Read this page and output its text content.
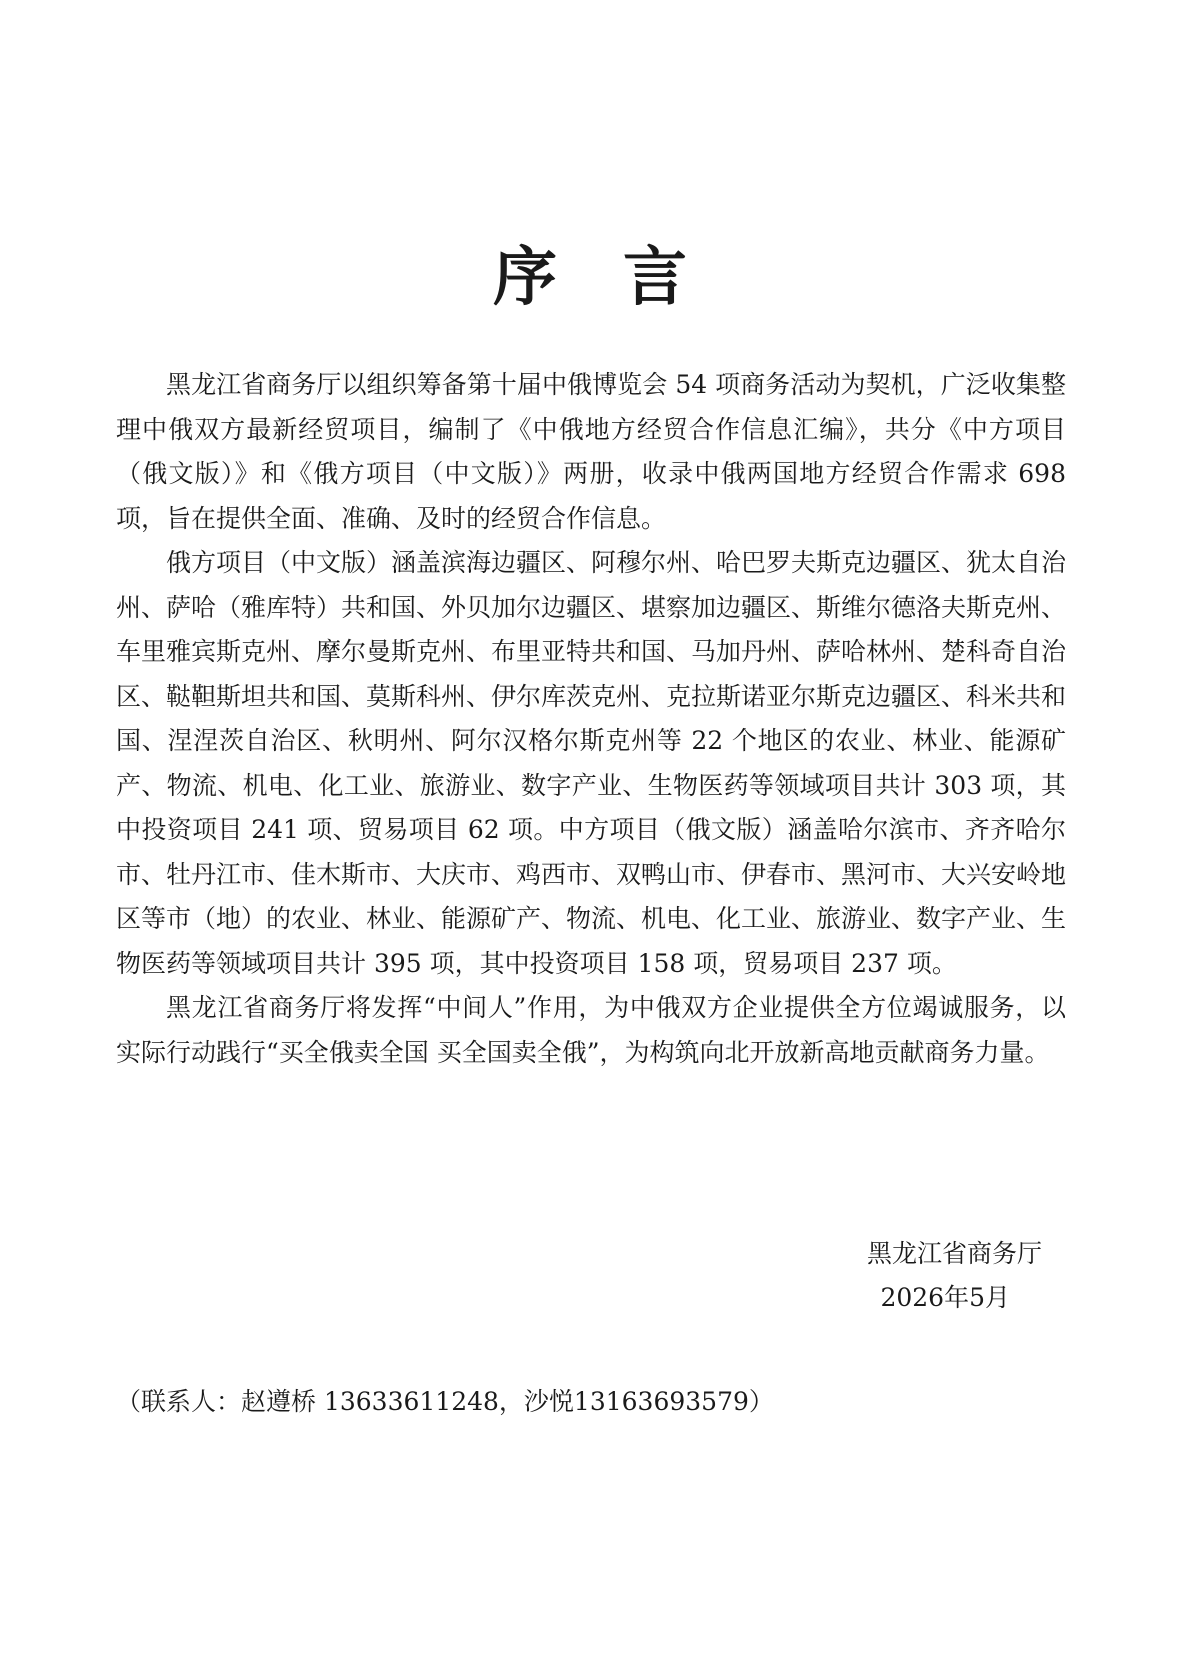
序 言

黑龙江省商务厅以组织筹备第十届中俄博览会 54 项商务活动为契机，广泛收集整理中俄双方最新经贸项目，编制了《中俄地方经贸合作信息汇编》，共分《中方项目（俄文版）》和《俄方项目（中文版）》两册，收录中俄两国地方经贸合作需求 698 项，旨在提供全面、准确、及时的经贸合作信息。

俄方项目（中文版）涵盖滨海边疆区、阿穆尔州、哈巴罗夫斯克边疆区、犹太自治州、萨哈（雅库特）共和国、外贝加尔边疆区、堪察加边疆区、斯维尔德洛夫斯克州、车里雅宾斯克州、摩尔曼斯克州、布里亚特共和国、马加丹州、萨哈林州、楚科奇自治区、鞑靼斯坦共和国、莫斯科州、伊尔库茨克州、克拉斯诺亚尔斯克边疆区、科米共和国、涅涅茨自治区、秋明州、阿尔汉格尔斯克州等 22 个地区的农业、林业、能源矿产、物流、机电、化工业、旅游业、数字产业、生物医药等领域项目共计 303 项，其中投资项目 241 项、贸易项目 62 项。中方项目（俄文版）涵盖哈尔滨市、齐齐哈尔市、牡丹江市、佳木斯市、大庆市、鸡西市、双鸭山市、伊春市、黑河市、大兴安岭地区等市（地）的农业、林业、能源矿产、物流、机电、化工业、旅游业、数字产业、生物医药等领域项目共计 395 项，其中投资项目 158 项，贸易项目 237 项。

黑龙江省商务厅将发挥“中间人”作用，为中俄双方企业提供全方位竭诚服务，以实际行动践行“买全俄卖全国 买全国卖全俄”，为构筑向北开放新高地贡献商务力量。

黑龙江省商务厅
2026年5月
（联系人：赵遵桥 13633611248，沙悦13163693579）
